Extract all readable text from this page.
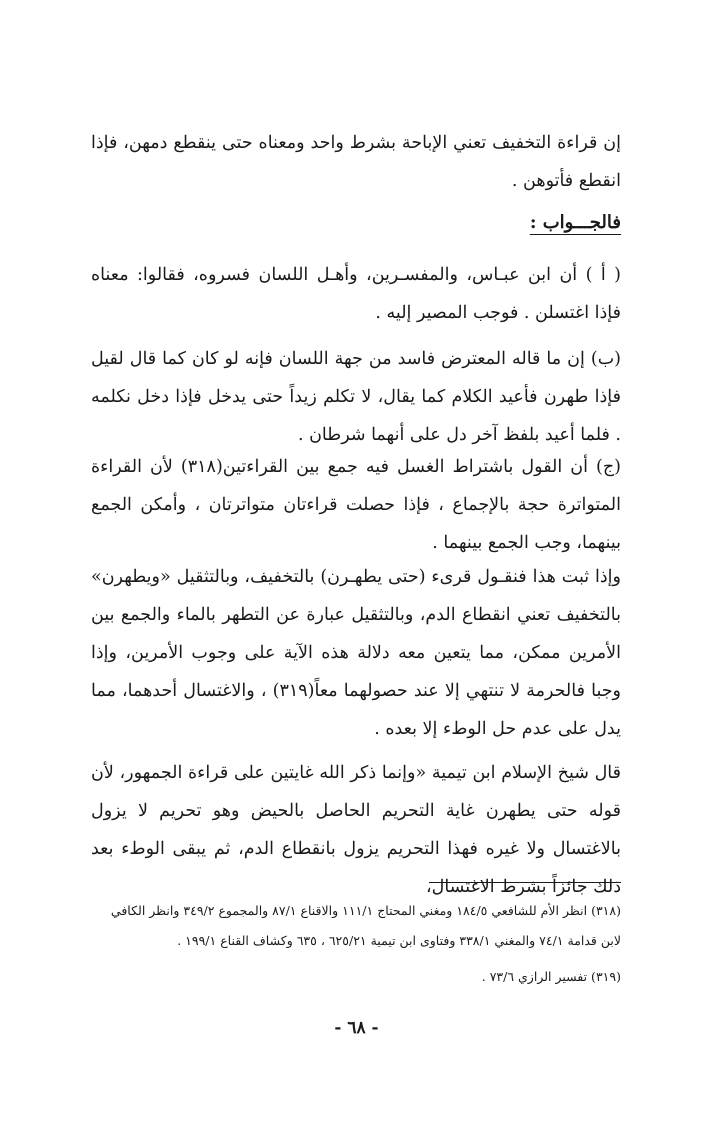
إن قراءة التخفيف تعني الإباحة بشرط واحد ومعناه حتى ينقطع دمهن، فإذا انقطع فأتوهن .

فالجـــواب :

( أ ) أن ابن عبـاس، والمفسـرين، وأهـل اللسان فسروه، فقالوا: معناه فإذا اغتسلن . فوجب المصير إليه .

(ب) إن ما قاله المعترض فاسد من جهة اللسان فإنه لو كان كما قال لقيل فإذا طهرن فأعيد الكلام كما يقال، لا تكلم زيداً حتى يدخل فإذا دخل نكلمه . فلما أعيد بلفظ آخر دل على أنهما شرطان .

(ج) أن القول باشتراط الغسل فيه جمع بين القراءتين(٣١٨) لأن القراءة المتواترة حجة بالإجماع ، فإذا حصلت قراءتان متواترتان ، وأمكن الجمع بينهما، وجب الجمع بينهما .

وإذا ثبت هذا فنقـول قرىء (حتى يطهـرن) بالتخفيف، وبالتثقيل «ويطهرن» بالتخفيف تعني انقطاع الدم، وبالتثقيل عبارة عن التطهر بالماء والجمع بين الأمرين ممكن، مما يتعين معه دلالة هذه الآية على وجوب الأمرين، وإذا وجبا فالحرمة لا تنتهي إلا عند حصولهما معاً(٣١٩) ، والاغتسال أحدهما، مما يدل على عدم حل الوطء إلا بعده .

قال شيخ الإسلام ابن تيمية «وإنما ذكر الله غايتين على قراءة الجمهور، لأن قوله حتى يطهرن غاية التحريم الحاصل بالحيض وهو تحريم لا يزول بالاغتسال ولا غيره فهذا التحريم يزول بانقطاع الدم، ثم يبقى الوطء بعد ذلك جائزاً بشرط الاغتسال،

(٣١٨) انظر الأم للشافعي ١٨٤/٥ ومغني المحتاج ١١١/١ والاقناع ٨٧/١ والمجموع ٣٤٩/٢ وانظر الكافي لابن قدامة ٧٤/١ والمغني ٣٣٨/١ وفتاوى ابن تيمية ٦٢٥/٢١ ، ٦٣٥ وكشاف القناع ١٩٩/١ .

(٣١٩) تفسير الرازي ٧٣/٦ .

- ٦٨ -
